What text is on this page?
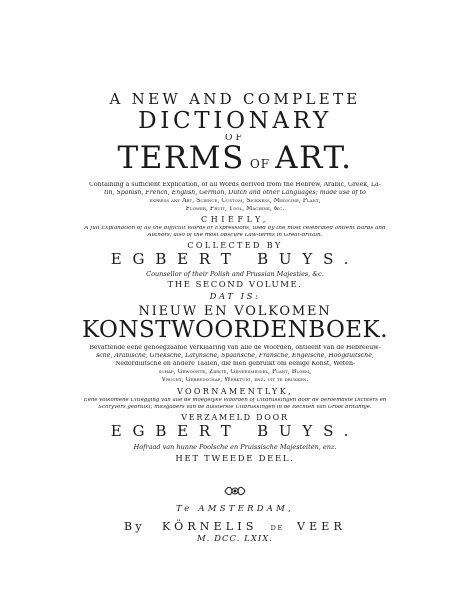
A NEW AND COMPLETE
DICTIONARY
OF
TERMS OF ART.
Containing a sufficient Explication, of all Words derived from the Hebrew, Arabic, Greek, La-
tin, Spanish, French, English, German, Dutch and other Languages; made use of to
express any Art, Science, Custom, Sickness, Medicine, Plant,
Flower, Fruit, Tool, Machine, &c.
CHIEFLY,
A full Explanation of all the difficult Words or Expressions, used by the most celebrated antient Bards and
Authors; also of the most obscure Law-terms in Great-britain.
COLLECTED BY
EGBERT BUYS.
Counsellor of their Polish and Prussian Majesties, &c.
THE SECOND VOLUME.
DAT IS:
NIEUW EN VOLKOMEN
KONSTWOORDENBOEK.
Bevattende eene genoegzaame Verklaaring van alle de Woorden, ontleent van de Hebreeuw-
sche, Arabische, Grieksche, Latynsche, Spaansche, Fransche, Engelsche, Hoogduitsche,
Nederduitsche en andere Taalen, die men gebruikt om eenige Konst, Weten-
schap, Gewoonte, Ziekte, Geneesmiddel, Plant, Bloem,
Vrucht, Gereedschap, Werktuig, enz. uit te drukken.
VOORNAMENTLYK,
Eene volkomene Uitlegging van alle de moeijelyke Woorden of Uitdrukkingen door de beroemdste Dichters en
Schryvers gebruikt; mitsgaders van de duisterste Uitdrukkingen in de Rechten van Groot britannje.
VERZAMELD DOOR
EGBERT BUYS.
Hofraad van hunne Poolsche en Pruissische Majesteiten, enz.
HET TWEEDE DEEL.
Te AMSTERDAM,
By KÖRNELIS DE VEER
M. DCC. LXIX.
